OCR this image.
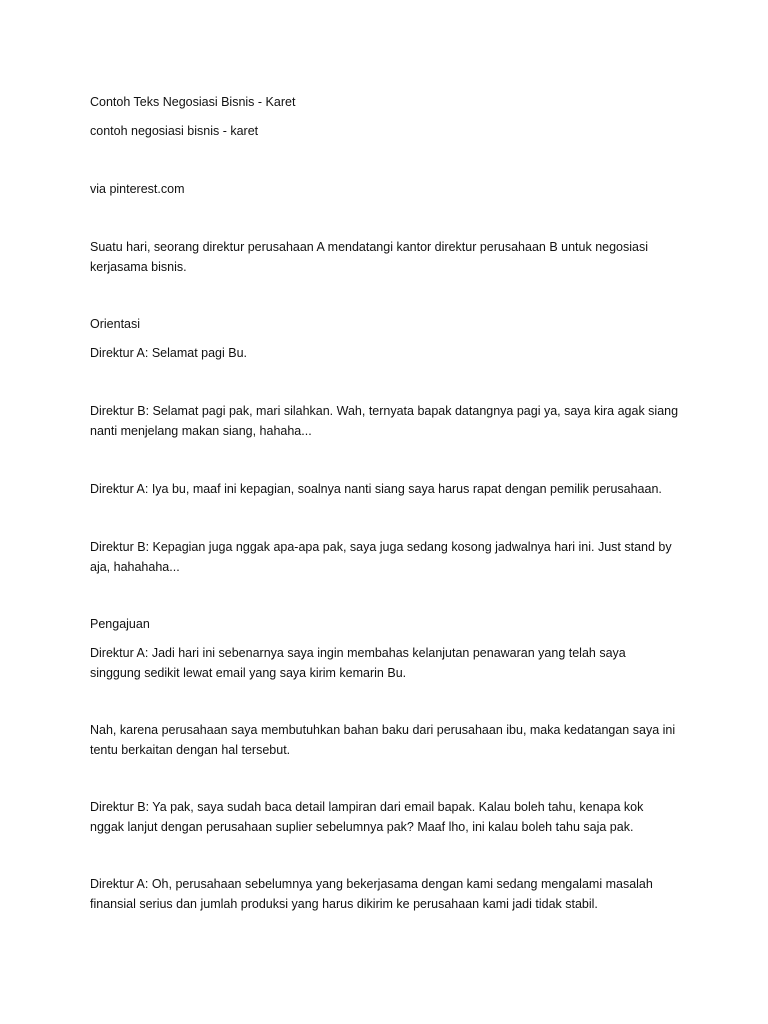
Contoh Teks Negosiasi Bisnis - Karet

contoh negosiasi bisnis - karet

via pinterest.com

Suatu hari, seorang direktur perusahaan A mendatangi kantor direktur perusahaan B untuk negosiasi

kerjasama bisnis.

Orientasi

Direktur A: Selamat pagi Bu.

Direktur B: Selamat pagi pak, mari silahkan. Wah, ternyata bapak datangnya pagi ya, saya kira agak siang

nanti menjelang makan siang, hahaha...

Direktur A: Iya bu, maaf ini kepagian, soalnya nanti siang saya harus rapat dengan pemilik perusahaan.

Direktur B: Kepagian juga nggak apa-apa pak, saya juga sedang kosong jadwalnya hari ini. Just stand by

aja, hahahaha...

Pengajuan

Direktur A: Jadi hari ini sebenarnya saya ingin membahas kelanjutan penawaran yang telah saya

singgung sedikit lewat email yang saya kirim kemarin Bu.

Nah, karena perusahaan saya membutuhkan bahan baku dari perusahaan ibu, maka kedatangan saya ini

tentu berkaitan dengan hal tersebut.

Direktur B: Ya pak, saya sudah baca detail lampiran dari email bapak. Kalau boleh tahu, kenapa kok

nggak lanjut dengan perusahaan suplier sebelumnya pak? Maaf lho, ini kalau boleh tahu saja pak.

Direktur A: Oh, perusahaan sebelumnya yang bekerjasama dengan kami sedang mengalami masalah

finansial serius dan jumlah produksi yang harus dikirim ke perusahaan kami jadi tidak stabil.
